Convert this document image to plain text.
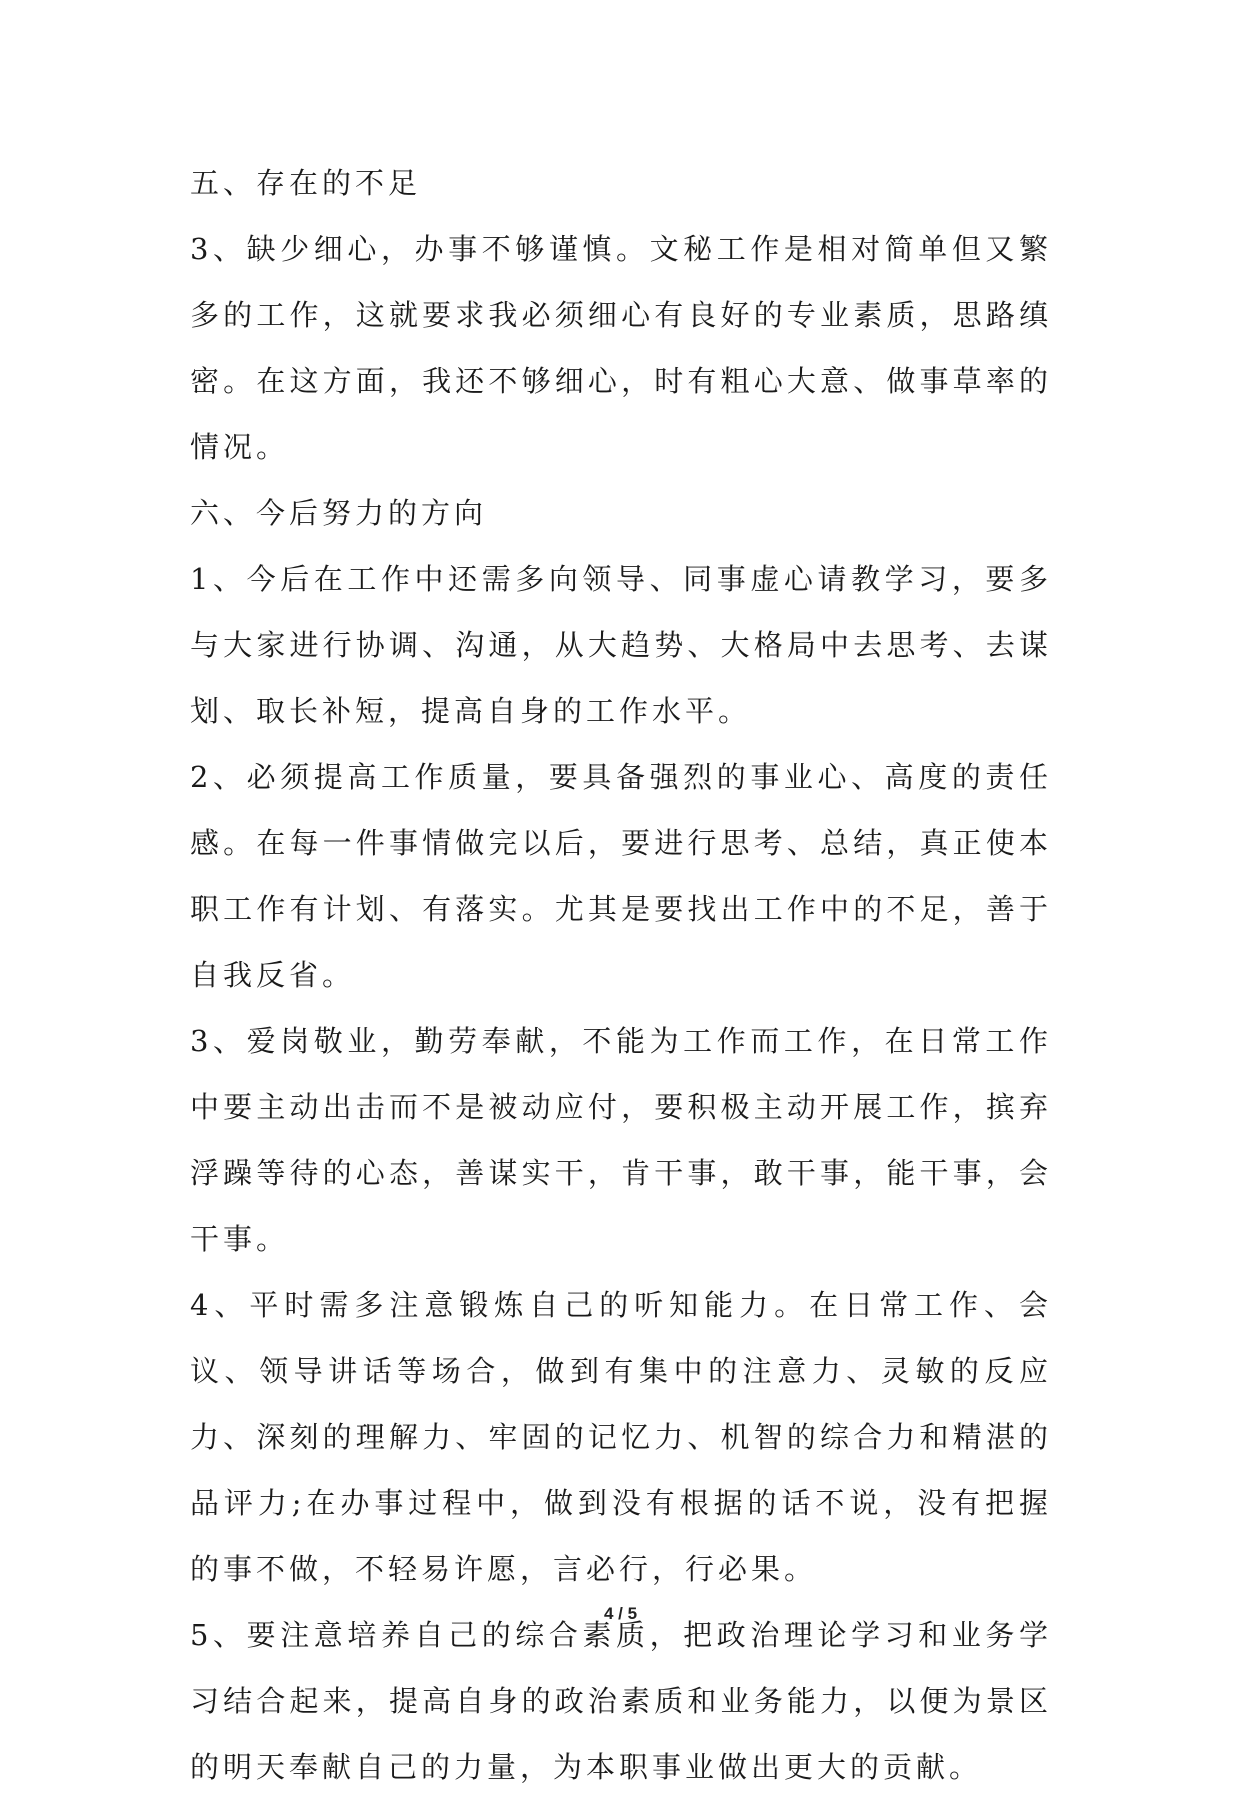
五、存在的不足

3、缺少细心，办事不够谨慎。文秘工作是相对简单但又繁多的工作，这就要求我必须细心有良好的专业素质，思路缜密。在这方面，我还不够细心，时有粗心大意、做事草率的情况。

六、今后努力的方向

1、今后在工作中还需多向领导、同事虚心请教学习，要多与大家进行协调、沟通，从大趋势、大格局中去思考、去谋划、取长补短，提高自身的工作水平。

2、必须提高工作质量，要具备强烈的事业心、高度的责任感。在每一件事情做完以后，要进行思考、总结，真正使本职工作有计划、有落实。尤其是要找出工作中的不足，善于自我反省。

3、爱岗敬业，勤劳奉献，不能为工作而工作，在日常工作中要主动出击而不是被动应付，要积极主动开展工作，摈弃浮躁等待的心态，善谋实干，肯干事，敢干事，能干事，会干事。

4、平时需多注意锻炼自己的听知能力。在日常工作、会议、领导讲话等场合，做到有集中的注意力、灵敏的反应力、深刻的理解力、牢固的记忆力、机智的综合力和精湛的品评力;在办事过程中，做到没有根据的话不说，没有把握的事不做，不轻易许愿，言必行，行必果。

5、要注意培养自己的综合素质，把政治理论学习和业务学习结合起来，提高自身的政治素质和业务能力，以便为景区的明天奉献自己的力量，为本职事业做出更大的贡献。

4 / 5
